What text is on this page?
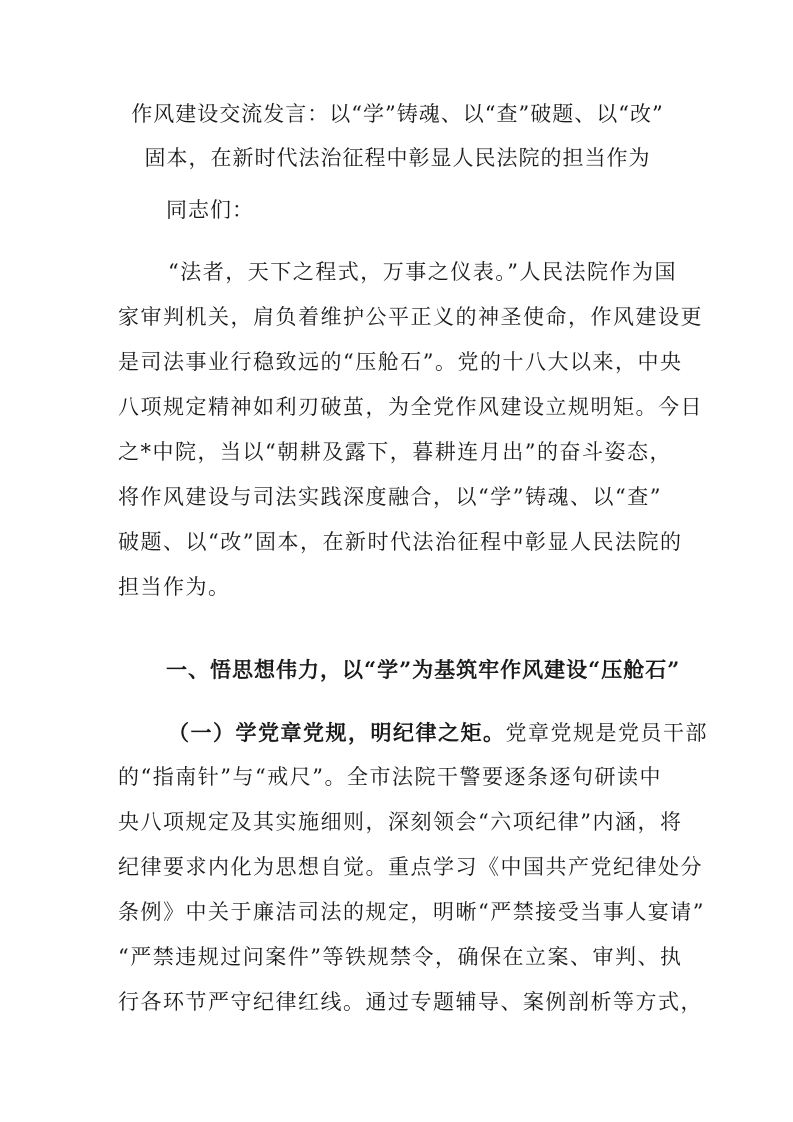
作风建设交流发言：以“学”铸魂、以“查”破题、以“改”
固本，在新时代法治征程中彰显人民法院的担当作为
同志们：
“法者，天下之程式，万事之仪表。”人民法院作为国
家审判机关，肩负着维护公平正义的神圣使命，作风建设更
是司法事业行稳致远的“压舱石”。党的十八大以来，中央
八项规定精神如利刃破茧，为全党作风建设立规明矩。今日
之*中院，当以“朝耕及露下，暮耕连月出”的奋斗姿态，
将作风建设与司法实践深度融合，以“学”铸魂、以“查”
破题、以“改”固本，在新时代法治征程中彰显人民法院的
担当作为。
一、悟思想伟力，以“学”为基筑牢作风建设“压舱石”
（一）学党章党规，明纪律之矩。党章党规是党员干部
的“指南针”与“戒尺”。全市法院干警要逐条逐句研读中
央八项规定及其实施细则，深刻领会“六项纪律”内涵，将
纪律要求内化为思想自觉。重点学习《中国共产党纪律处分
条例》中关于廉洁司法的规定，明晰“严禁接受当事人宴请”
“严禁违规过问案件”等铁规禁令，确保在立案、审判、执
行各环节严守纪律红线。通过专题辅导、案例剖析等方式，
